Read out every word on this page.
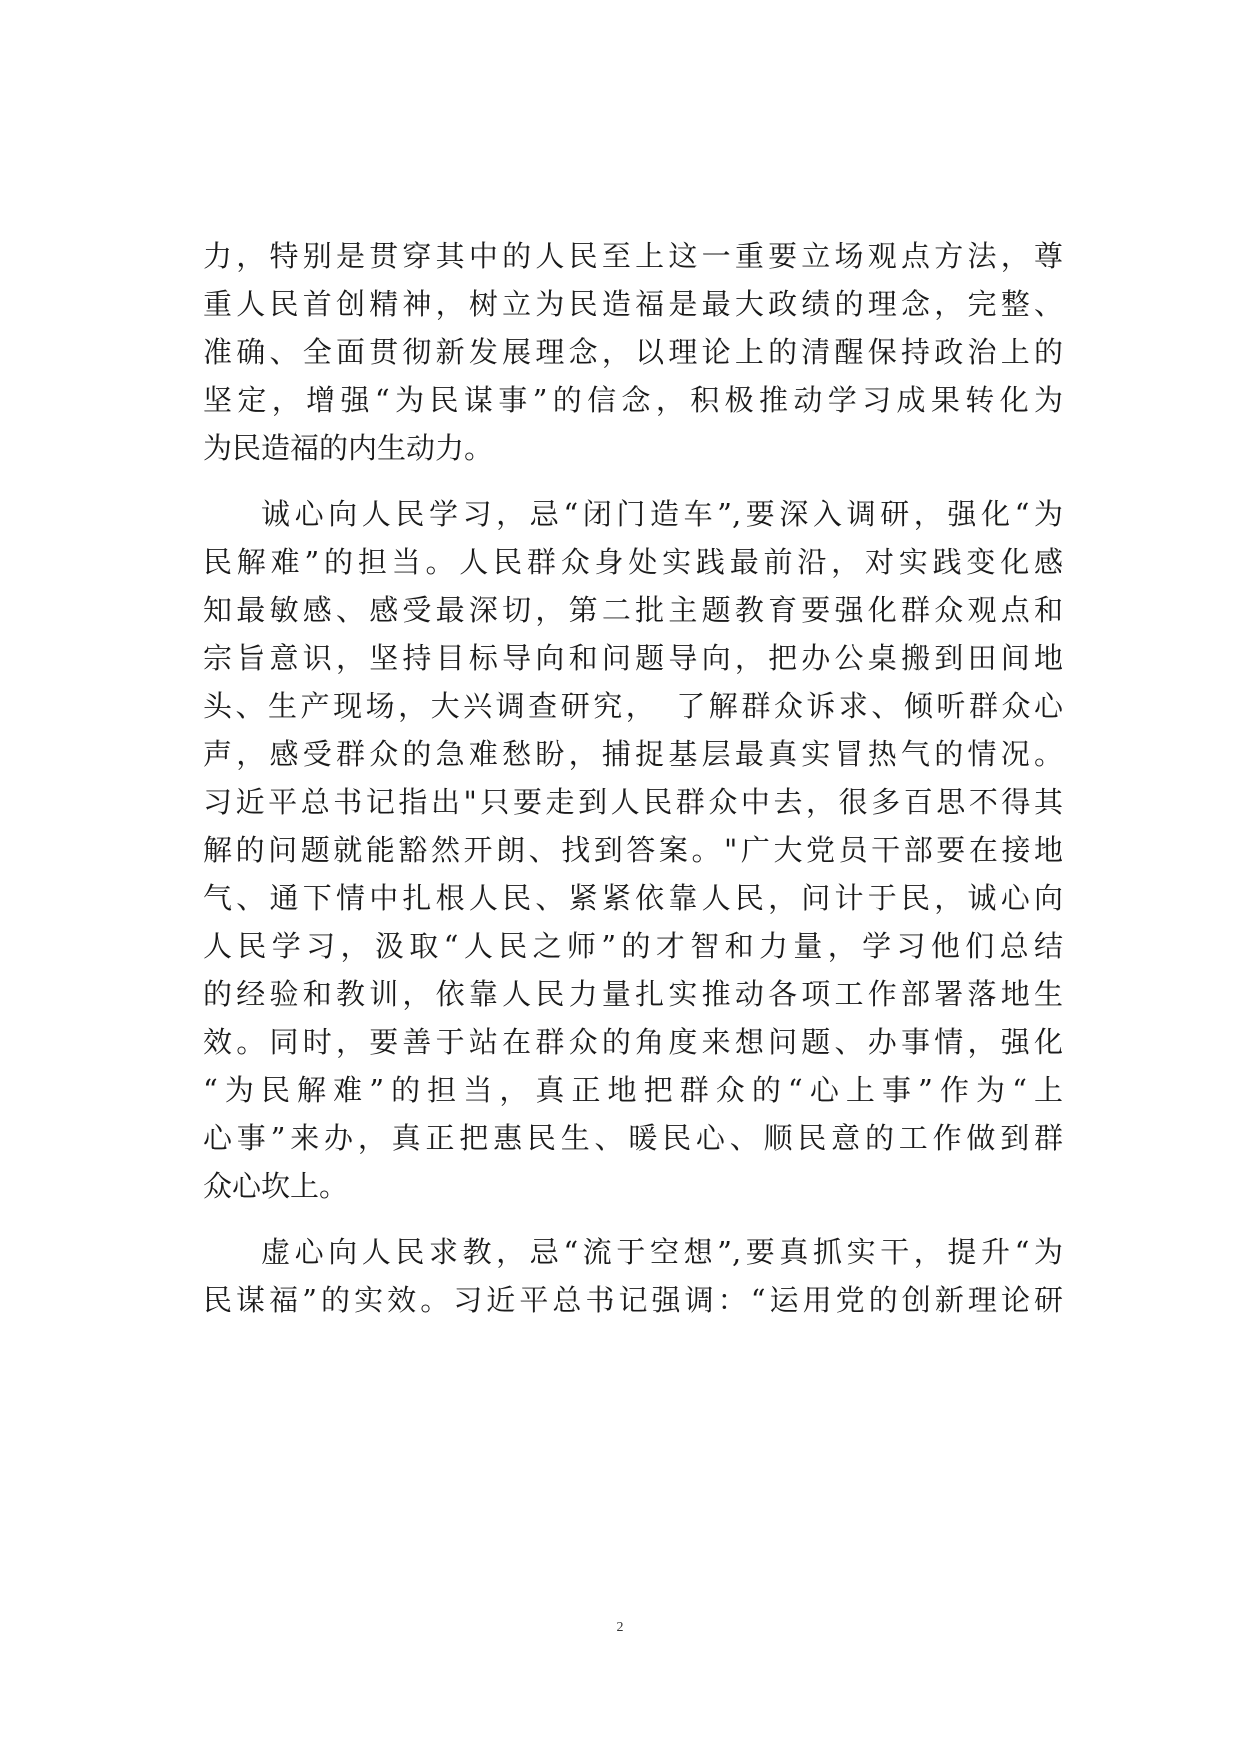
力，特别是贯穿其中的人民至上这一重要立场观点方法，尊
重人民首创精神，树立为民造福是最大政绩的理念，完整、
准确、全面贯彻新发展理念，以理论上的清醒保持政治上的
坚定，增强“为民谋事”的信念，积极推动学习成果转化为
为民造福的内生动力。

诚心向人民学习，忌“闭门造车”,要深入调研，强化“为
民解难”的担当。人民群众身处实践最前沿，对实践变化感
知最敏感、感受最深切，第二批主题教育要强化群众观点和
宗旨意识，坚持目标导向和问题导向，把办公桌搬到田间地
头、生产现场，大兴调查研究，　了解群众诉求、倾听群众心
声，感受群众的急难愁盼，捕捉基层最真实冒热气的情况。
习近平总书记指出"只要走到人民群众中去，很多百思不得其
解的问题就能豁然开朗、找到答案。"广大党员干部要在接地
气、通下情中扎根人民、紧紧依靠人民，问计于民，诚心向
人民学习，汲取“人民之师”的才智和力量，学习他们总结
的经验和教训，依靠人民力量扎实推动各项工作部署落地生
效。同时，要善于站在群众的角度来想问题、办事情，强化
“为民解难”的担当，真正地把群众的“心上事”作为“上
心事”来办，真正把惠民生、暖民心、顺民意的工作做到群
众心坎上。

虚心向人民求教，忌“流于空想”,要真抓实干，提升“为
民谋福”的实效。习近平总书记强调：“运用党的创新理论研

2
